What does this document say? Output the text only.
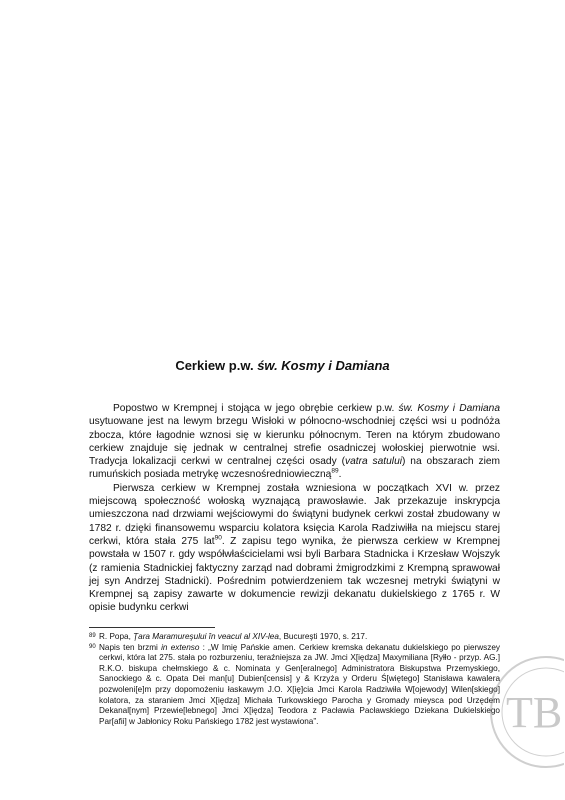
Cerkiew p.w. św. Kosmy i Damiana

Popostwo w Krempnej i stojąca w jego obrębie cerkiew p.w. św. Kosmy i Damiana usytuowane jest na lewym brzegu Wisłoki w północno-wschodniej części wsi u podnóża zbocza, które łagodnie wznosi się w kierunku północnym. Teren na którym zbudowano cerkiew znajduje się jednak w centralnej strefie osadniczej wołoskiej pierwotnie wsi. Tradycja lokalizacji cerkwi w centralnej części osady (vatra satului) na obszarach ziem rumuńskich posiada metrykę wczesnośredniowieczną$^{89}$.

Pierwsza cerkiew w Krempnej została wzniesiona w początkach XVI w. przez miejscową społeczność wołoską wyznającą prawosławie. Jak przekazuje inskrypcja umieszczona nad drzwiami wejściowymi do świątyni budynek cerkwi został zbudowany w 1782 r. dzięki finansowemu wsparciu kolatora księcia Karola Radziwiłła na miejscu starej cerkwi, która stała 275 lat$^{90}$. Z zapisu tego wynika, że pierwsza cerkiew w Krempnej powstała w 1507 r. gdy współwłaścicielami wsi byli Barbara Stadnicka i Krzesław Wojszyk (z ramienia Stadnickiej faktyczny zarząd nad dobrami żmigrodzkimi z Krempną sprawował jej syn Andrzej Stadnicki). Pośrednim potwierdzeniem tak wczesnej metryki świątyni w Krempnej są zapisy zawarte w dokumencie rewizji dekanatu dukielskiego z 1765 r. W opisie budynku cerkwi

89 R. Popa, Ţara Maramureşului în veacul al XIV-lea, Bucureşti 1970, s. 217.
90 Napis ten brzmi in extenso : „W Imię Pańskie amen. Cerkiew kremska dekanatu dukielskiego po pierwszey cerkwi, która lat 275. stała po rozburzeniu, teraźniejsza za JW. Jmci X[iędza] Maxymiliana [Ryłło - przyp. AG.] R.K.O. biskupa chełmskiego & c. Nominata y Gen[eralnego] Administratora Biskupstwa Przemyskiego, Sanockiego & c. Opata Dei man[u] Dubien[censis] y & Krzyża y Orderu Ś[więtego] Stanisława kawalera pozwoleni[e]m przy dopomożeniu łaskawym J.O. X[ię]cia Jmci Karola Radziwiła W[ojewody] Wilen[skiego] kolatora, za staraniem Jmci X[iędza] Michała Turkowskiego Parocha y Gromady mieysca pod Urzędem Dekanal[nym] Przewie[lebnego] Jmci X[iędza] Teodora z Pacławia Pacławskiego Dziekana Dukielskiego Par[afii] w Jabłonicy Roku Pańskiego 1782 jest wystawiona”.	TB
